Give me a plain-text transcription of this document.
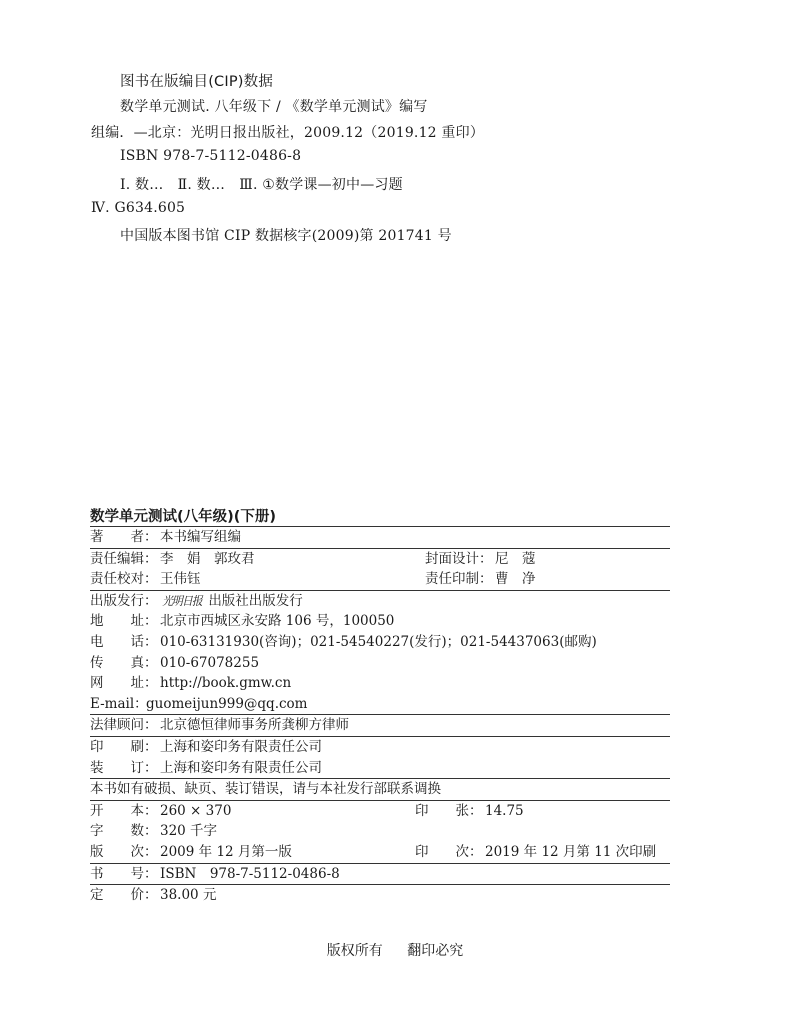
图书在版编目(CIP)数据
数学单元测试. 八年级下 / 《数学单元测试》编写
组编．—北京：光明日报出版社，2009.12（2019.12 重印）
ISBN 978-7-5112-0486-8
Ⅰ. 数…　Ⅱ. 数…　Ⅲ. ①数学课—初中—习题
Ⅳ. G634.605
中国版本图书馆 CIP 数据核字(2009)第 201741 号
数学单元测试(八年级)(下册)
著　　者： 本书编写组编
责任编辑： 李　娟　郭玫君	封面设计： 尼　蔻
责任校对： 王伟钰	责任印制： 曹　净
出版发行： 光明日报 出版社出版发行
地　　址： 北京市西城区永安路 106 号，100050
电　　话： 010-63131930(咨询)；021-54540227(发行)；021-54437063(邮购)
传　　真： 010-67078255
网　　址： http://book.gmw.cn
E-mail：
guomeijun999@qq.com
法律顾问： 北京德恒律师事务所龚柳方律师
印　　刷： 上海和姿印务有限责任公司
装　　订： 上海和姿印务有限责任公司
本书如有破损、缺页、装订错误，请与本社发行部联系调换
开　　本： 260 × 370	印　　张： 14.75
字　　数： 320 千字
版　　次： 2009 年 12 月第一版	印　　次： 2019 年 12 月第 11 次印刷
书　　号： ISBN　978-7-5112-0486-8
定　　价： 38.00 元
版权所有 翻印必究
